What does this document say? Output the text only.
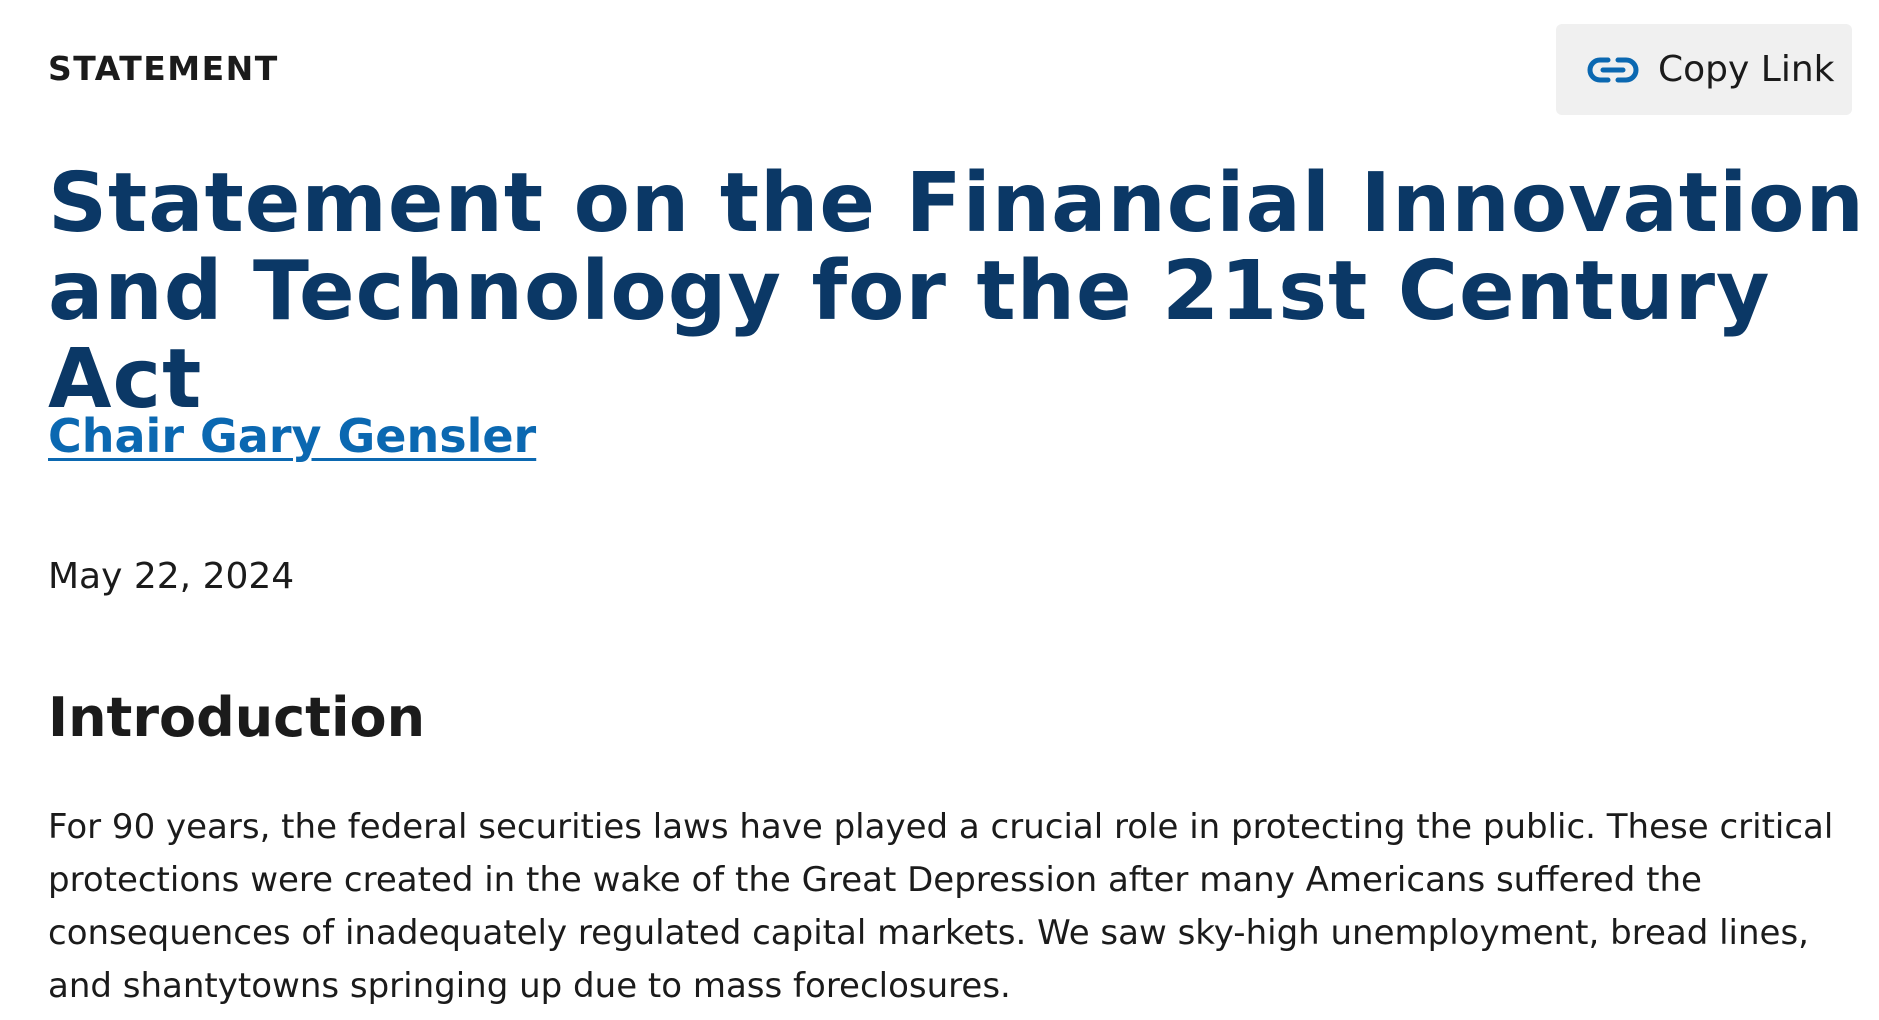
STATEMENT	Copy Link
Statement on the Financial Innovation and Technology for the 21st Century Act
Chair Gary Gensler
May 22, 2024
Introduction

For 90 years, the federal securities laws have played a crucial role in protecting the public. These critical protections were created in the wake of the Great Depression after many Americans suffered the consequences of inadequately regulated capital markets. We saw sky-high unemployment, bread lines, and shantytowns springing up due to mass foreclosures.
